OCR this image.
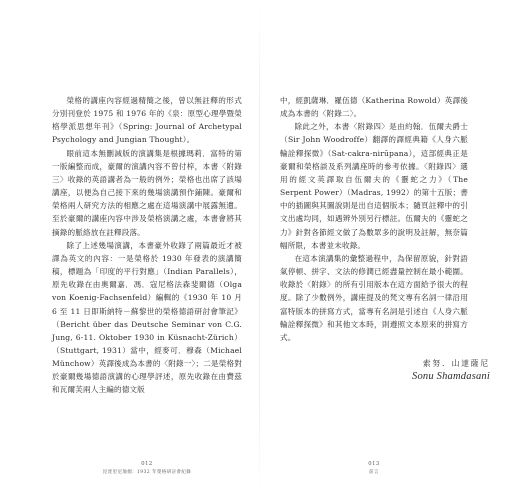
榮格的講座內容經過精簡之後，曾以無註釋的形式分別刊登於 1975 和 1976 年的《泉：原型心理學暨榮格學派思想年刊》（Spring: Journal of Archetypal Psychology and Jungian Thought）。

眼前這本無刪減版的演講集是根據瑪莉．富特的第一版編整而成，豪爾的演講內容不曾付梓，本書〈附錄三〉收錄的英語講者為一般的例外；榮格也出席了該場講座，以便為自己接下來的幾場演講預作鋪陳。豪爾和榮格兩人研究方法的相應之處在這場演講中展露無遺。至於豪爾的講座內容中涉及榮格演講之處，本書會將其摘錄的脈絡放在註釋段落。

除了上述幾場演講，本書豪外收錄了兩篇最近才被譯為英文的內容：一是榮格於 1930 年發表的演講簡稿，標題為「印度的平行對應」（Indian Parallels），原先收錄在由奧爾嘉．馮．寇尼格法森斐爾德（Olga von Koenig-Fachsenfeld）編輯的《1930 年 10 月 6 至 11 日即斯納特－蘇黎世的榮格德語研討會筆記》（Bericht über das Deutsche Seminar von C.G. Jung, 6-11. Oktober 1930 in Küsnacht-Zürich）（Stuttgart, 1931）當中，經麥可．穆森（Michael Münchow）英譯後成為本書的〈附錄一〉；二是榮格對於豪爾幾場德語演講的心理學評述，原先收錄在由費茲和瓦爾芙兩人主編的德文版

012
昆達里尼瑜伽：1932 年榮格研討會紀錄

中，經凱薩琳．羅伍德（Katherina Rowold）英譯後成為本書的〈附錄二〉。

除此之外，本書〈附錄四〉是由約翰．伍爾夫爵士（Sir John Woodroffe）翻譯的譯經典籍《人身六脈輪詮釋探微》（Sat-cakra-nirūpana），這部經典正是豪爾和榮格談及系列講座時的參考依據。〈附錄四〉選用的經文英譯取自伍爾夫的《靈蛇之力》（The Serpent Power）（Madras, 1992）的第十五版；書中的插圖與其圖說則是出自這個版本；隨頁註釋中的引文出處均同，如遇辨外別另行標註。伍爾夫的《靈蛇之力》針對各節經文做了為數眾多的說明及註解，無奈篇幅所限，本書並未收錄。

在這本演講集的彙整過程中，為保留原貌，針對語氣停頓、拼字、文法的修潤已經盡量控制在最小範圍。收錄於〈附錄〉的所有引用版本在這方面給予很大的程度。除了少數例外，講座提及的梵文專有名詞一律沿用富特版本的拼寫方式，當專有名詞是引述自《人身六脈輪詮釋探微》和其他文本時，則遵照文本原來的拼寫方式。

索努．山達薩尼
Sonu Shamdasani
013
前言
